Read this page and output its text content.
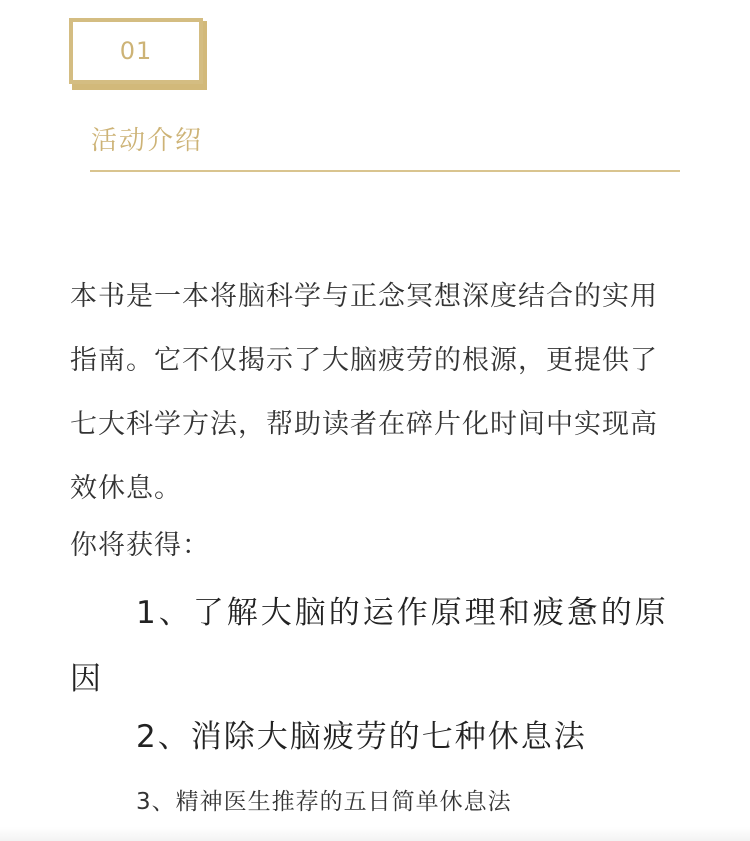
01
活动介绍

本书是一本将脑科学与正念冥想深度结合的实用指南。它不仅揭示了大脑疲劳的根源，更提供了七大科学方法，帮助读者在碎片化时间中实现高效休息。

你将获得：

1、了解大脑的运作原理和疲惫的原因

2、消除大脑疲劳的七种休息法
3、精神医生推荐的五日简单休息法
